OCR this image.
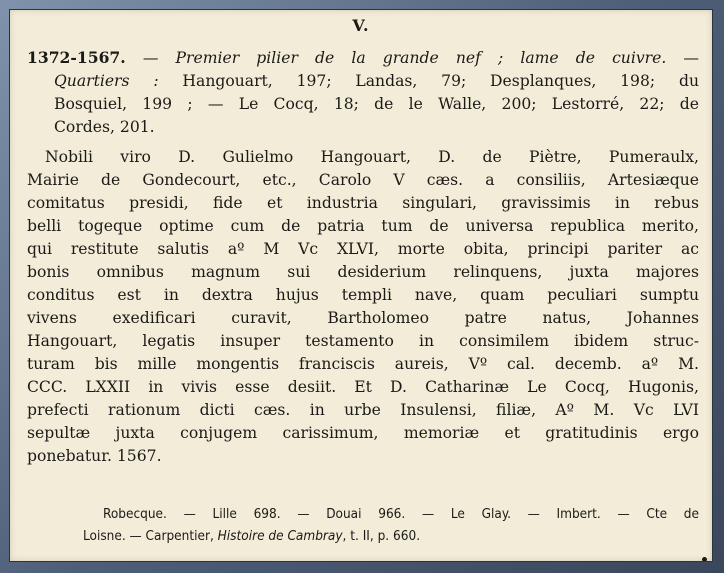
V.
1372-1567. — Premier pilier de la grande nef ; lame de cuivre. —
Quartiers : Hangouart, 197; Landas, 79; Desplanques, 198; du
Bosquiel, 199 ; — Le Cocq, 18; de le Walle, 200; Lestorré, 22; de
Cordes, 201.
Nobili viro D. Gulielmo Hangouart, D. de Piètre, Pumeraulx,
Mairie de Gondecourt, etc., Carolo V cæs. a consiliis, Artesiæque
comitatus presidi, fide et industria singulari, gravissimis in rebus
belli togeque optime cum de patria tum de universa republica merito,
qui restitute salutis aº M Vc XLVI, morte obita, principi pariter ac
bonis omnibus magnum sui desiderium relinquens, juxta majores
conditus est in dextra hujus templi nave, quam peculiari sumptu
vivens exedificari curavit, Bartholomeo patre natus, Johannes
Hangouart, legatis insuper testamento in consimilem ibidem struc-
turam bis mille mongentis franciscis aureis, Vº cal. decemb. aº M.
CCC. LXXII in vivis esse desiit. Et D. Catharinæ Le Cocq, Hugonis,
prefecti rationum dicti cæs. in urbe Insulensi, filiæ, Aº M. Vc LVI
sepultæ juxta conjugem carissimum, memoriæ et gratitudinis ergo
ponebatur. 1567.
Robecque. — Lille 698. — Douai 966. — Le Glay. — Imbert. — Cte de
Loisne. — Carpentier, Histoire de Cambray, t. II, p. 660.
